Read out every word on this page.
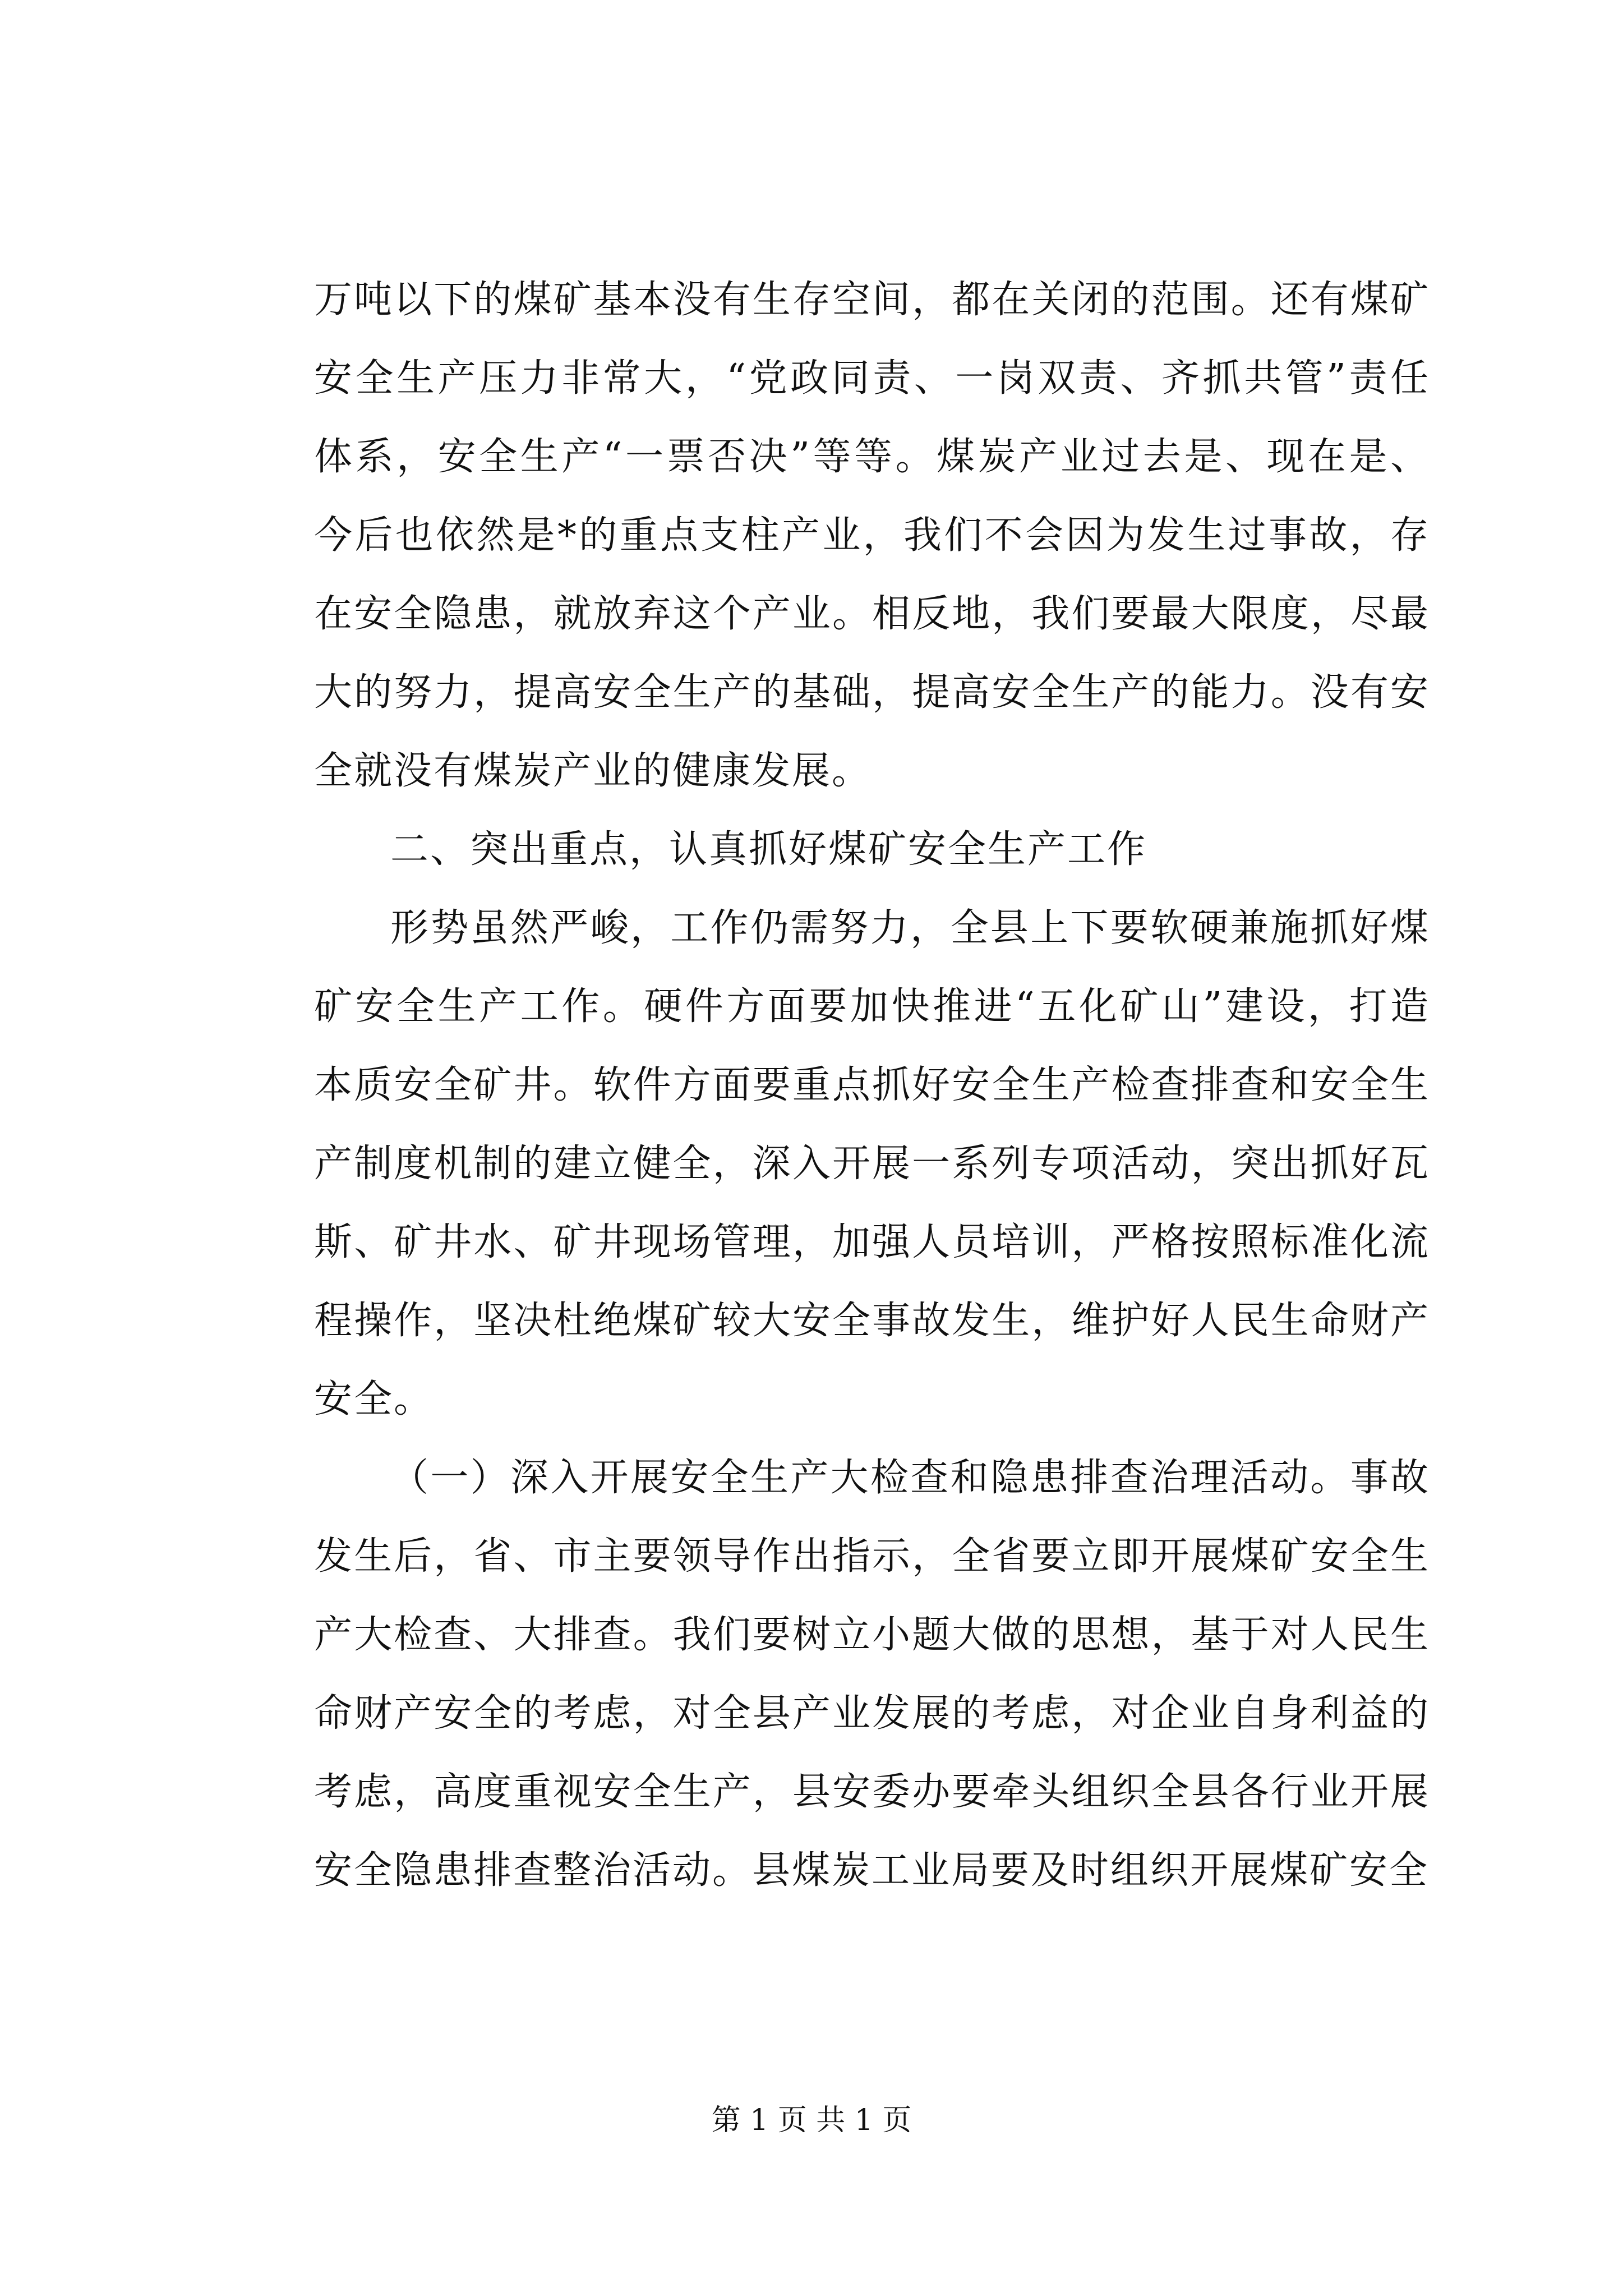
万吨以下的煤矿基本没有生存空间，都在关闭的范围。还有煤矿安全生产压力非常大，“党政同责、一岗双责、齐抓共管”责任体系，安全生产“一票否决”等等。煤炭产业过去是、现在是、今后也依然是*的重点支柱产业，我们不会因为发生过事故，存在安全隐患，就放弃这个产业。相反地，我们要最大限度，尽最大的努力，提高安全生产的基础，提高安全生产的能力。没有安全就没有煤炭产业的健康发展。

二、突出重点，认真抓好煤矿安全生产工作

形势虽然严峻，工作仍需努力，全县上下要软硬兼施抓好煤矿安全生产工作。硬件方面要加快推进“五化矿山”建设，打造本质安全矿井。软件方面要重点抓好安全生产检查排查和安全生产制度机制的建立健全，深入开展一系列专项活动，突出抓好瓦斯、矿井水、矿井现场管理，加强人员培训，严格按照标准化流程操作，坚决杜绝煤矿较大安全事故发生，维护好人民生命财产安全。

（一）深入开展安全生产大检查和隐患排查治理活动。事故发生后，省、市主要领导作出指示，全省要立即开展煤矿安全生产大检查、大排查。我们要树立小题大做的思想，基于对人民生命财产安全的考虑，对全县产业发展的考虑，对企业自身利益的考虑，高度重视安全生产，县安委办要牵头组织全县各行业开展安全隐患排查整治活动。县煤炭工业局要及时组织开展煤矿安全

第 1 页 共 1 页
